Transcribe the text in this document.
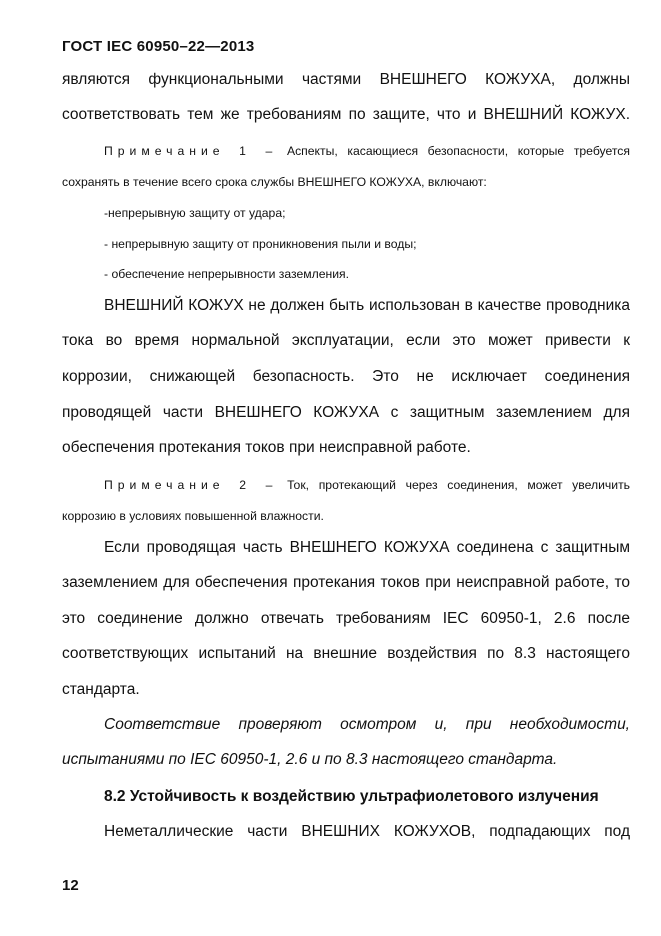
ГОСТ IEC 60950–22—2013
являются функциональными частями ВНЕШНЕГО КОЖУХА, должны
соответствовать тем же требованиям по защите, что и ВНЕШНИЙ КОЖУХ.
Примечание 1 – Аспекты, касающиеся безопасности, которые требуется
сохранять в течение всего срока службы ВНЕШНЕГО КОЖУХА, включают:
-непрерывную защиту от удара;
- непрерывную защиту от проникновения пыли и воды;
- обеспечение непрерывности заземления.
ВНЕШНИЙ КОЖУХ не должен быть использован в качестве проводника
тока во время нормальной эксплуатации, если это может привести к
коррозии, снижающей безопасность. Это не исключает соединения
проводящей части ВНЕШНЕГО КОЖУХА с защитным заземлением для
обеспечения протекания токов при неисправной работе.
Примечание 2 – Ток, протекающий через соединения, может увеличить
коррозию в условиях повышенной влажности.
Если проводящая часть ВНЕШНЕГО КОЖУХА соединена с защитным
заземлением для обеспечения протекания токов при неисправной работе, то
это соединение должно отвечать требованиям IEC 60950-1, 2.6 после
соответствующих испытаний на внешние воздействия по 8.3 настоящего
стандарта.
Соответствие проверяют осмотром и, при необходимости,
испытаниями по IEC 60950-1, 2.6 и по 8.3 настоящего стандарта.
8.2 Устойчивость к воздействию ультрафиолетового излучения
Неметаллические части ВНЕШНИХ КОЖУХОВ, подпадающих под
12
